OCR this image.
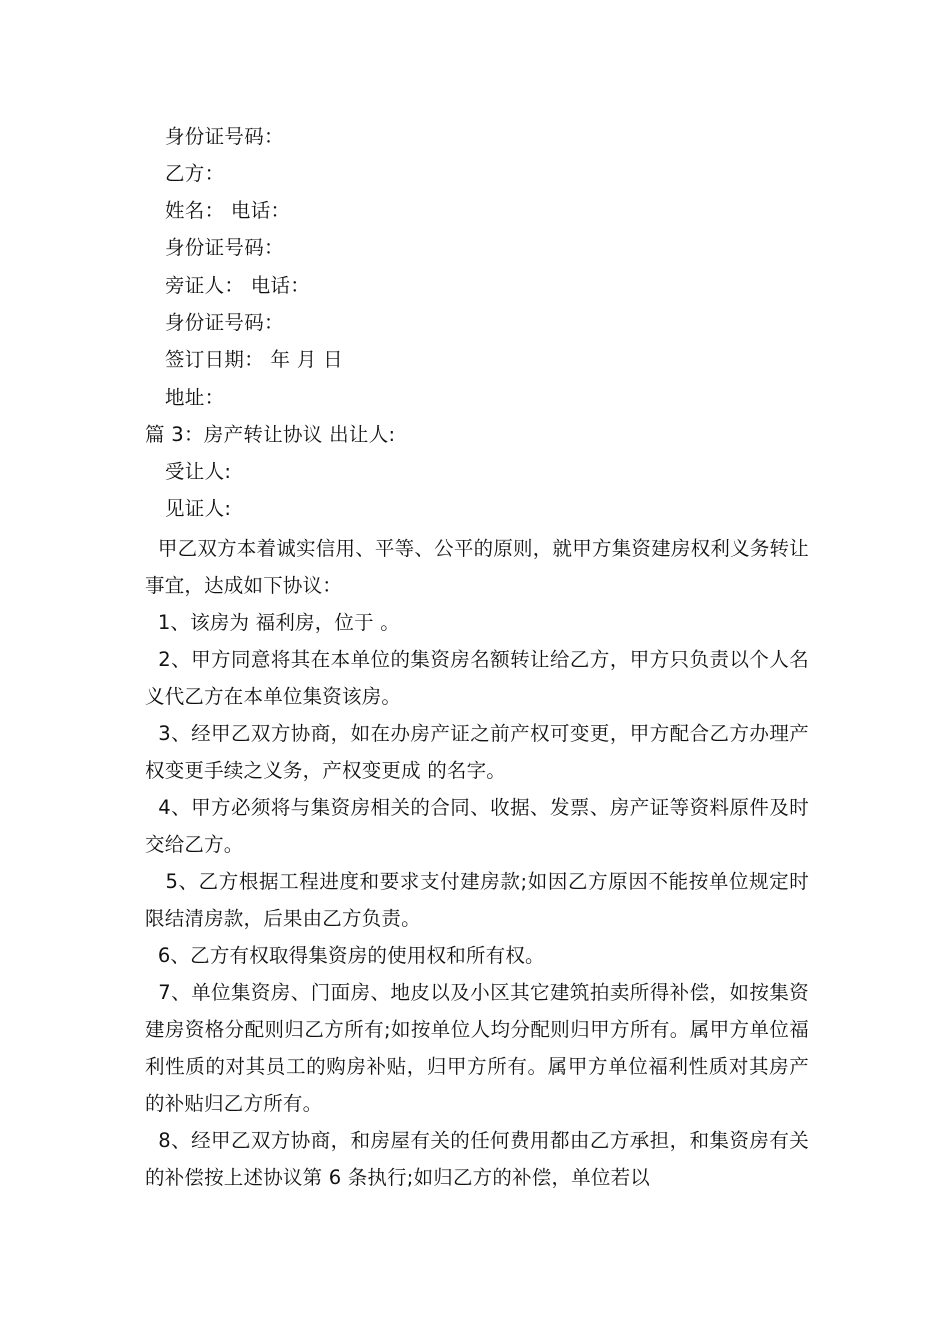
身份证号码：
乙方：
姓名： 电话：
身份证号码：
旁证人： 电话：
身份证号码：
签订日期： 年 月 日
地址：
篇 3：房产转让协议 出让人:
受让人:
见证人:
甲乙双方本着诚实信用、平等、公平的原则，就甲方集资建房权利义务转让事宜，达成如下协议：
1、该房为 福利房，位于 。
2、甲方同意将其在本单位的集资房名额转让给乙方，甲方只负责以个人名义代乙方在本单位集资该房。
3、经甲乙双方协商，如在办房产证之前产权可变更，甲方配合乙方办理产权变更手续之义务，产权变更成 的名字。
4、甲方必须将与集资房相关的合同、收据、发票、房产证等资料原件及时交给乙方。
5、乙方根据工程进度和要求支付建房款;如因乙方原因不能按单位规定时限结清房款，后果由乙方负责。
6、乙方有权取得集资房的使用权和所有权。
7、单位集资房、门面房、地皮以及小区其它建筑拍卖所得补偿，如按集资建房资格分配则归乙方所有;如按单位人均分配则归甲方所有。属甲方单位福利性质的对其员工的购房补贴，归甲方所有。属甲方单位福利性质对其房产的补贴归乙方所有。
8、经甲乙双方协商，和房屋有关的任何费用都由乙方承担，和集资房有关的补偿按上述协议第 6 条执行;如归乙方的补偿，单位若以
